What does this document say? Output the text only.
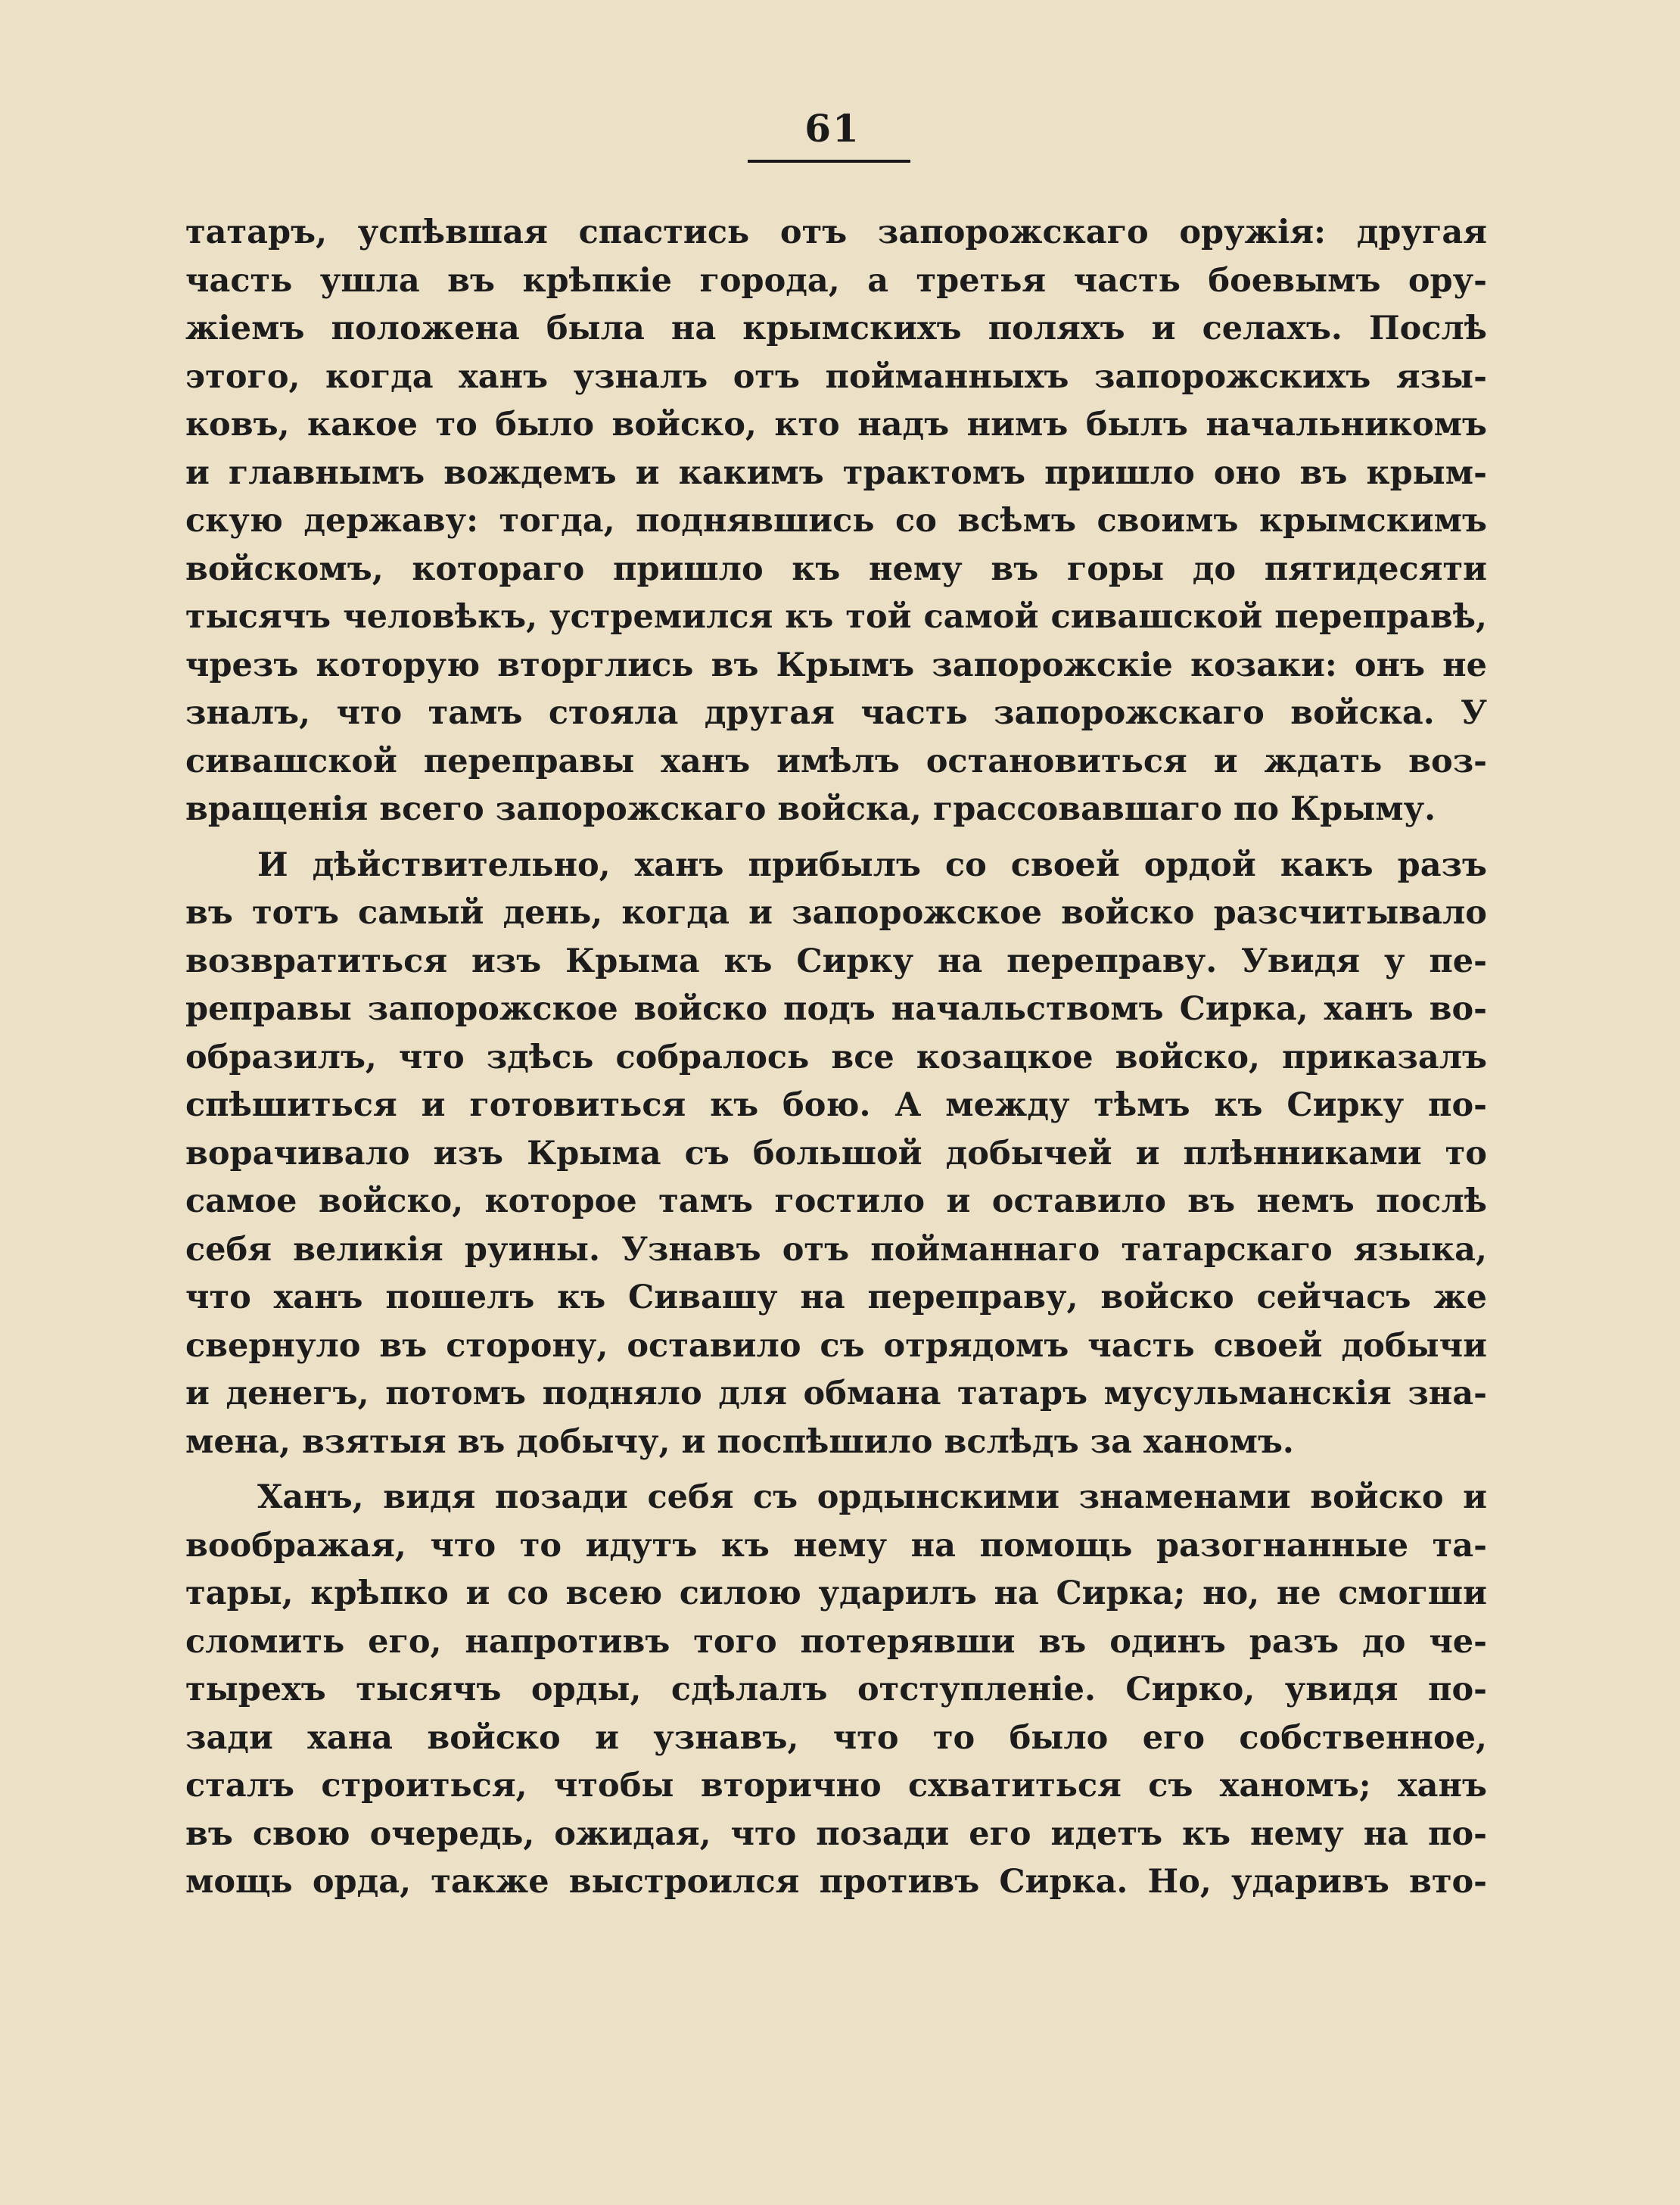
61
татаръ, успѣвшая спастись отъ запорожскаго оружія: другая
часть ушла въ крѣпкіе города, а третья часть боевымъ ору-
жіемъ положена была на крымскихъ поляхъ и селахъ. Послѣ
этого, когда ханъ узналъ отъ пойманныхъ запорожскихъ язы-
ковъ, какое то было войско, кто надъ нимъ былъ начальникомъ
и главнымъ вождемъ и какимъ трактомъ пришло оно въ крым-
скую державу: тогда, поднявшись со всѣмъ своимъ крымскимъ
войскомъ, котораго пришло къ нему въ горы до пятидесяти
тысячъ человѣкъ, устремился къ той самой сивашской переправѣ,
чрезъ которую вторглись въ Крымъ запорожскіе козаки: онъ не
зналъ, что тамъ стояла другая часть запорожскаго войска. У
сивашской переправы ханъ имѣлъ остановиться и ждать воз-
вращенія всего запорожскаго войска, грассовавшаго по Крыму.
И дѣйствительно, ханъ прибылъ со своей ордой какъ разъ
въ тотъ самый день, когда и запорожское войско разсчитывало
возвратиться изъ Крыма къ Сирку на переправу. Увидя у пе-
реправы запорожское войско подъ начальствомъ Сирка, ханъ во-
образилъ, что здѣсь собралось все козацкое войско, приказалъ
спѣшиться и готовиться къ бою. А между тѣмъ къ Сирку по-
ворачивало изъ Крыма съ большой добычей и плѣнниками то
самое войско, которое тамъ гостило и оставило въ немъ послѣ
себя великія руины. Узнавъ отъ пойманнаго татарскаго языка,
что ханъ пошелъ къ Сивашу на переправу, войско сейчасъ же
свернуло въ сторону, оставило съ отрядомъ часть своей добычи
и денегъ, потомъ подняло для обмана татаръ мусульманскія зна-
мена, взятыя въ добычу, и поспѣшило вслѣдъ за ханомъ.
Ханъ, видя позади себя съ ордынскими знаменами войско и
воображая, что то идутъ къ нему на помощь разогнанные та-
тары, крѣпко и со всею силою ударилъ на Сирка; но, не смогши
сломить его, напротивъ того потерявши въ одинъ разъ до че-
тырехъ тысячъ орды, сдѣлалъ отступленіе. Сирко, увидя по-
зади хана войско и узнавъ, что то было его собственное,
сталъ строиться, чтобы вторично схватиться съ ханомъ; ханъ
въ свою очередь, ожидая, что позади его идетъ къ нему на по-
мощь орда, также выстроился противъ Сирка. Но, ударивъ вто-
